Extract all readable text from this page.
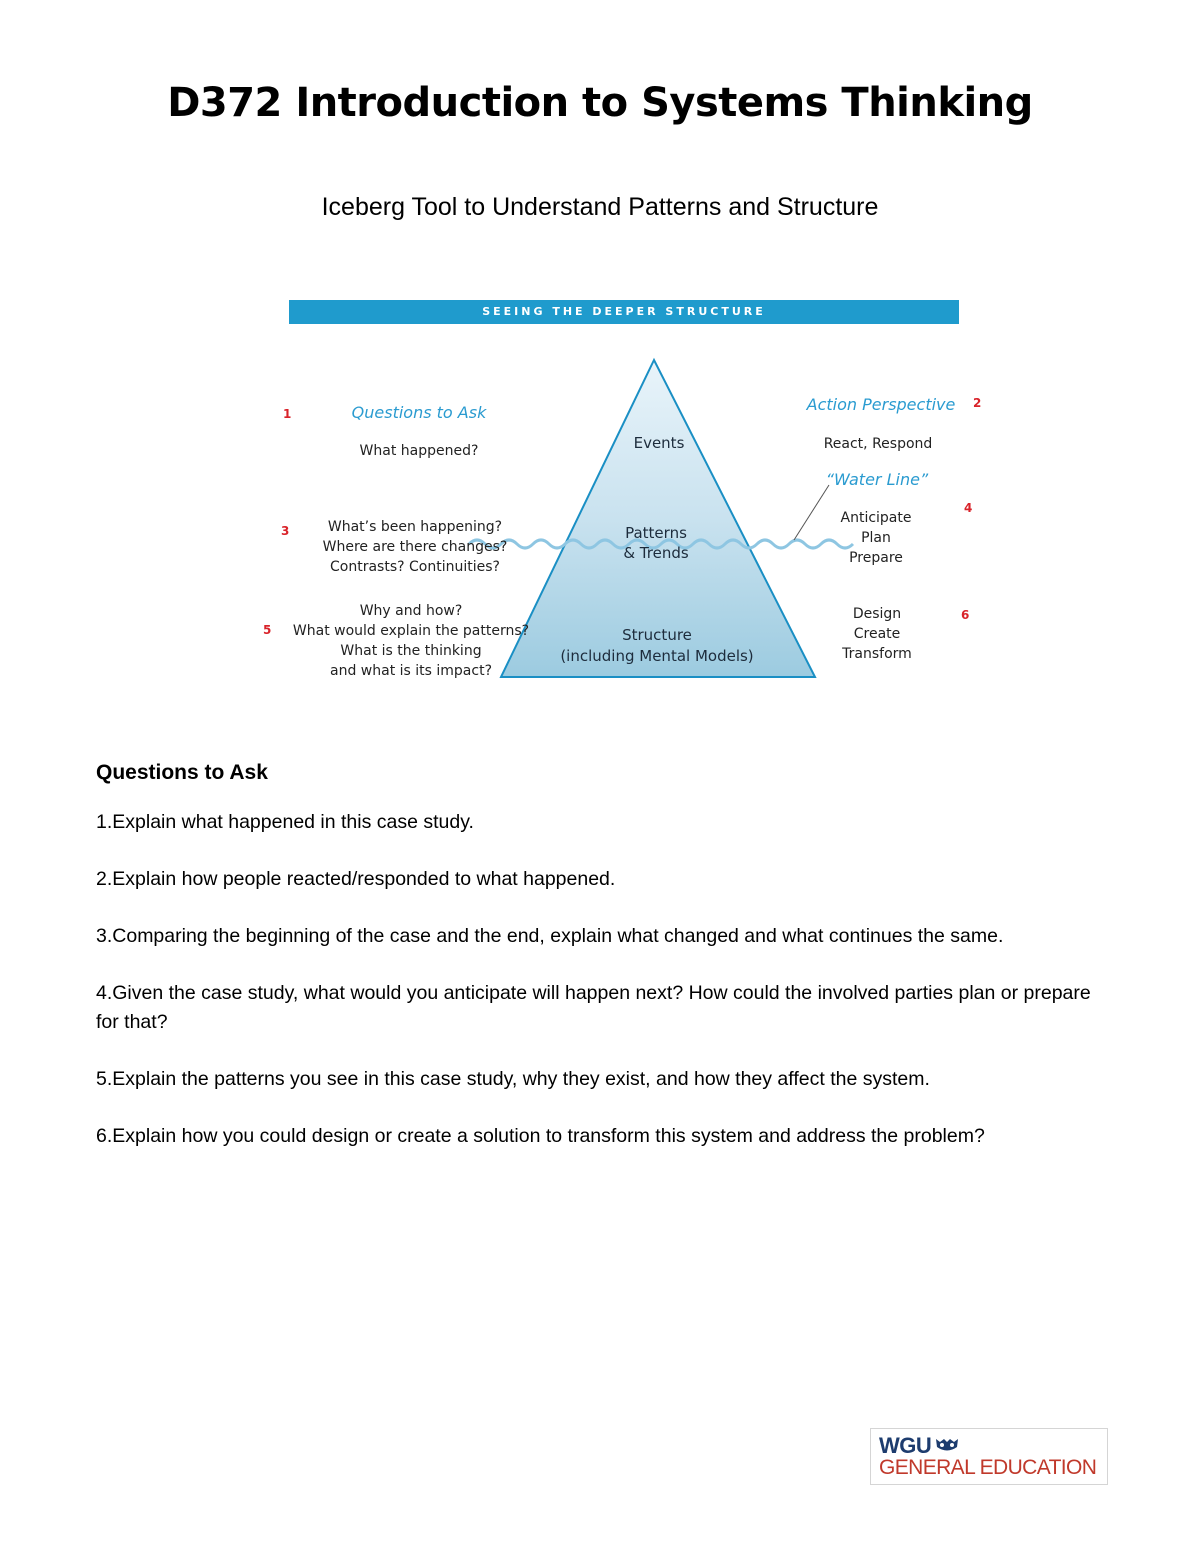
D372 Introduction to Systems Thinking
Iceberg Tool to Understand Patterns and Structure
SEEING THE DEEPER STRUCTURE
1	Questions to Ask
What happened?
3	What’s been happening?
Where are there changes?
Contrasts? Continuities?
5
Why and how?
What would explain the patterns?
What is the thinking
and what is its impact?
Events
Patterns
& Trends
Structure
(including Mental Models)
Action Perspective 2
React, Respond
“Water Line”
4
Anticipate
Plan
Prepare
6
Design
Create
Transform
Questions to Ask

1.Explain what happened in this case study.

2.Explain how people reacted/responded to what happened.

3.Comparing the beginning of the case and the end, explain what changed and what continues the same.

4.Given the case study, what would you anticipate will happen next? How could the involved parties plan or prepare for that?

5.Explain the patterns you see in this case study, why they exist, and how they affect the system.

6.Explain how you could design or create a solution to transform this system and address the problem?

WGU
GENERAL EDUCATION
